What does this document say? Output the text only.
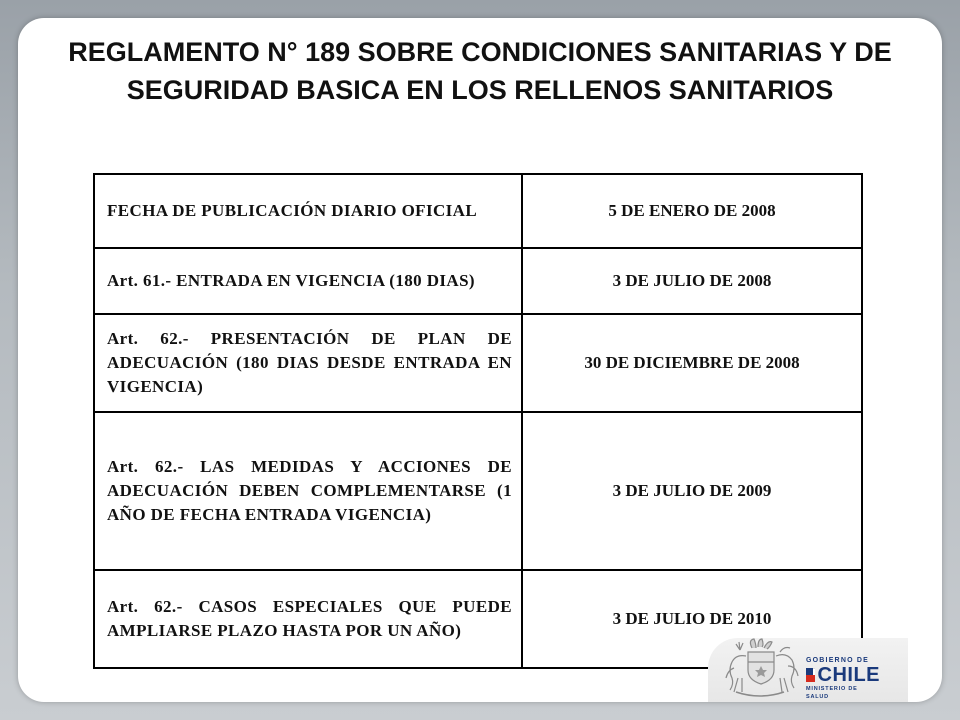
REGLAMENTO N° 189 SOBRE CONDICIONES SANITARIAS Y DE SEGURIDAD BASICA EN LOS RELLENOS SANITARIOS
FECHA DE PUBLICACIÓN DIARIO OFICIAL	5 DE ENERO DE 2008
Art. 61.- ENTRADA EN VIGENCIA (180 DIAS)	3 DE JULIO DE 2008
Art. 62.- PRESENTACIÓN DE PLAN DE ADECUACIÓN (180 DIAS DESDE ENTRADA EN VIGENCIA)	30 DE DICIEMBRE DE 2008
Art. 62.- LAS MEDIDAS Y ACCIONES DE ADECUACIÓN DEBEN COMPLEMENTARSE (1 AÑO DE FECHA ENTRADA VIGENCIA)	3 DE JULIO DE 2009
Art. 62.- CASOS ESPECIALES QUE PUEDE AMPLIARSE PLAZO HASTA POR UN AÑO)	3 DE JULIO DE 2010
GOBIERNO DE
CHILE
MINISTERIO DE SALUD
